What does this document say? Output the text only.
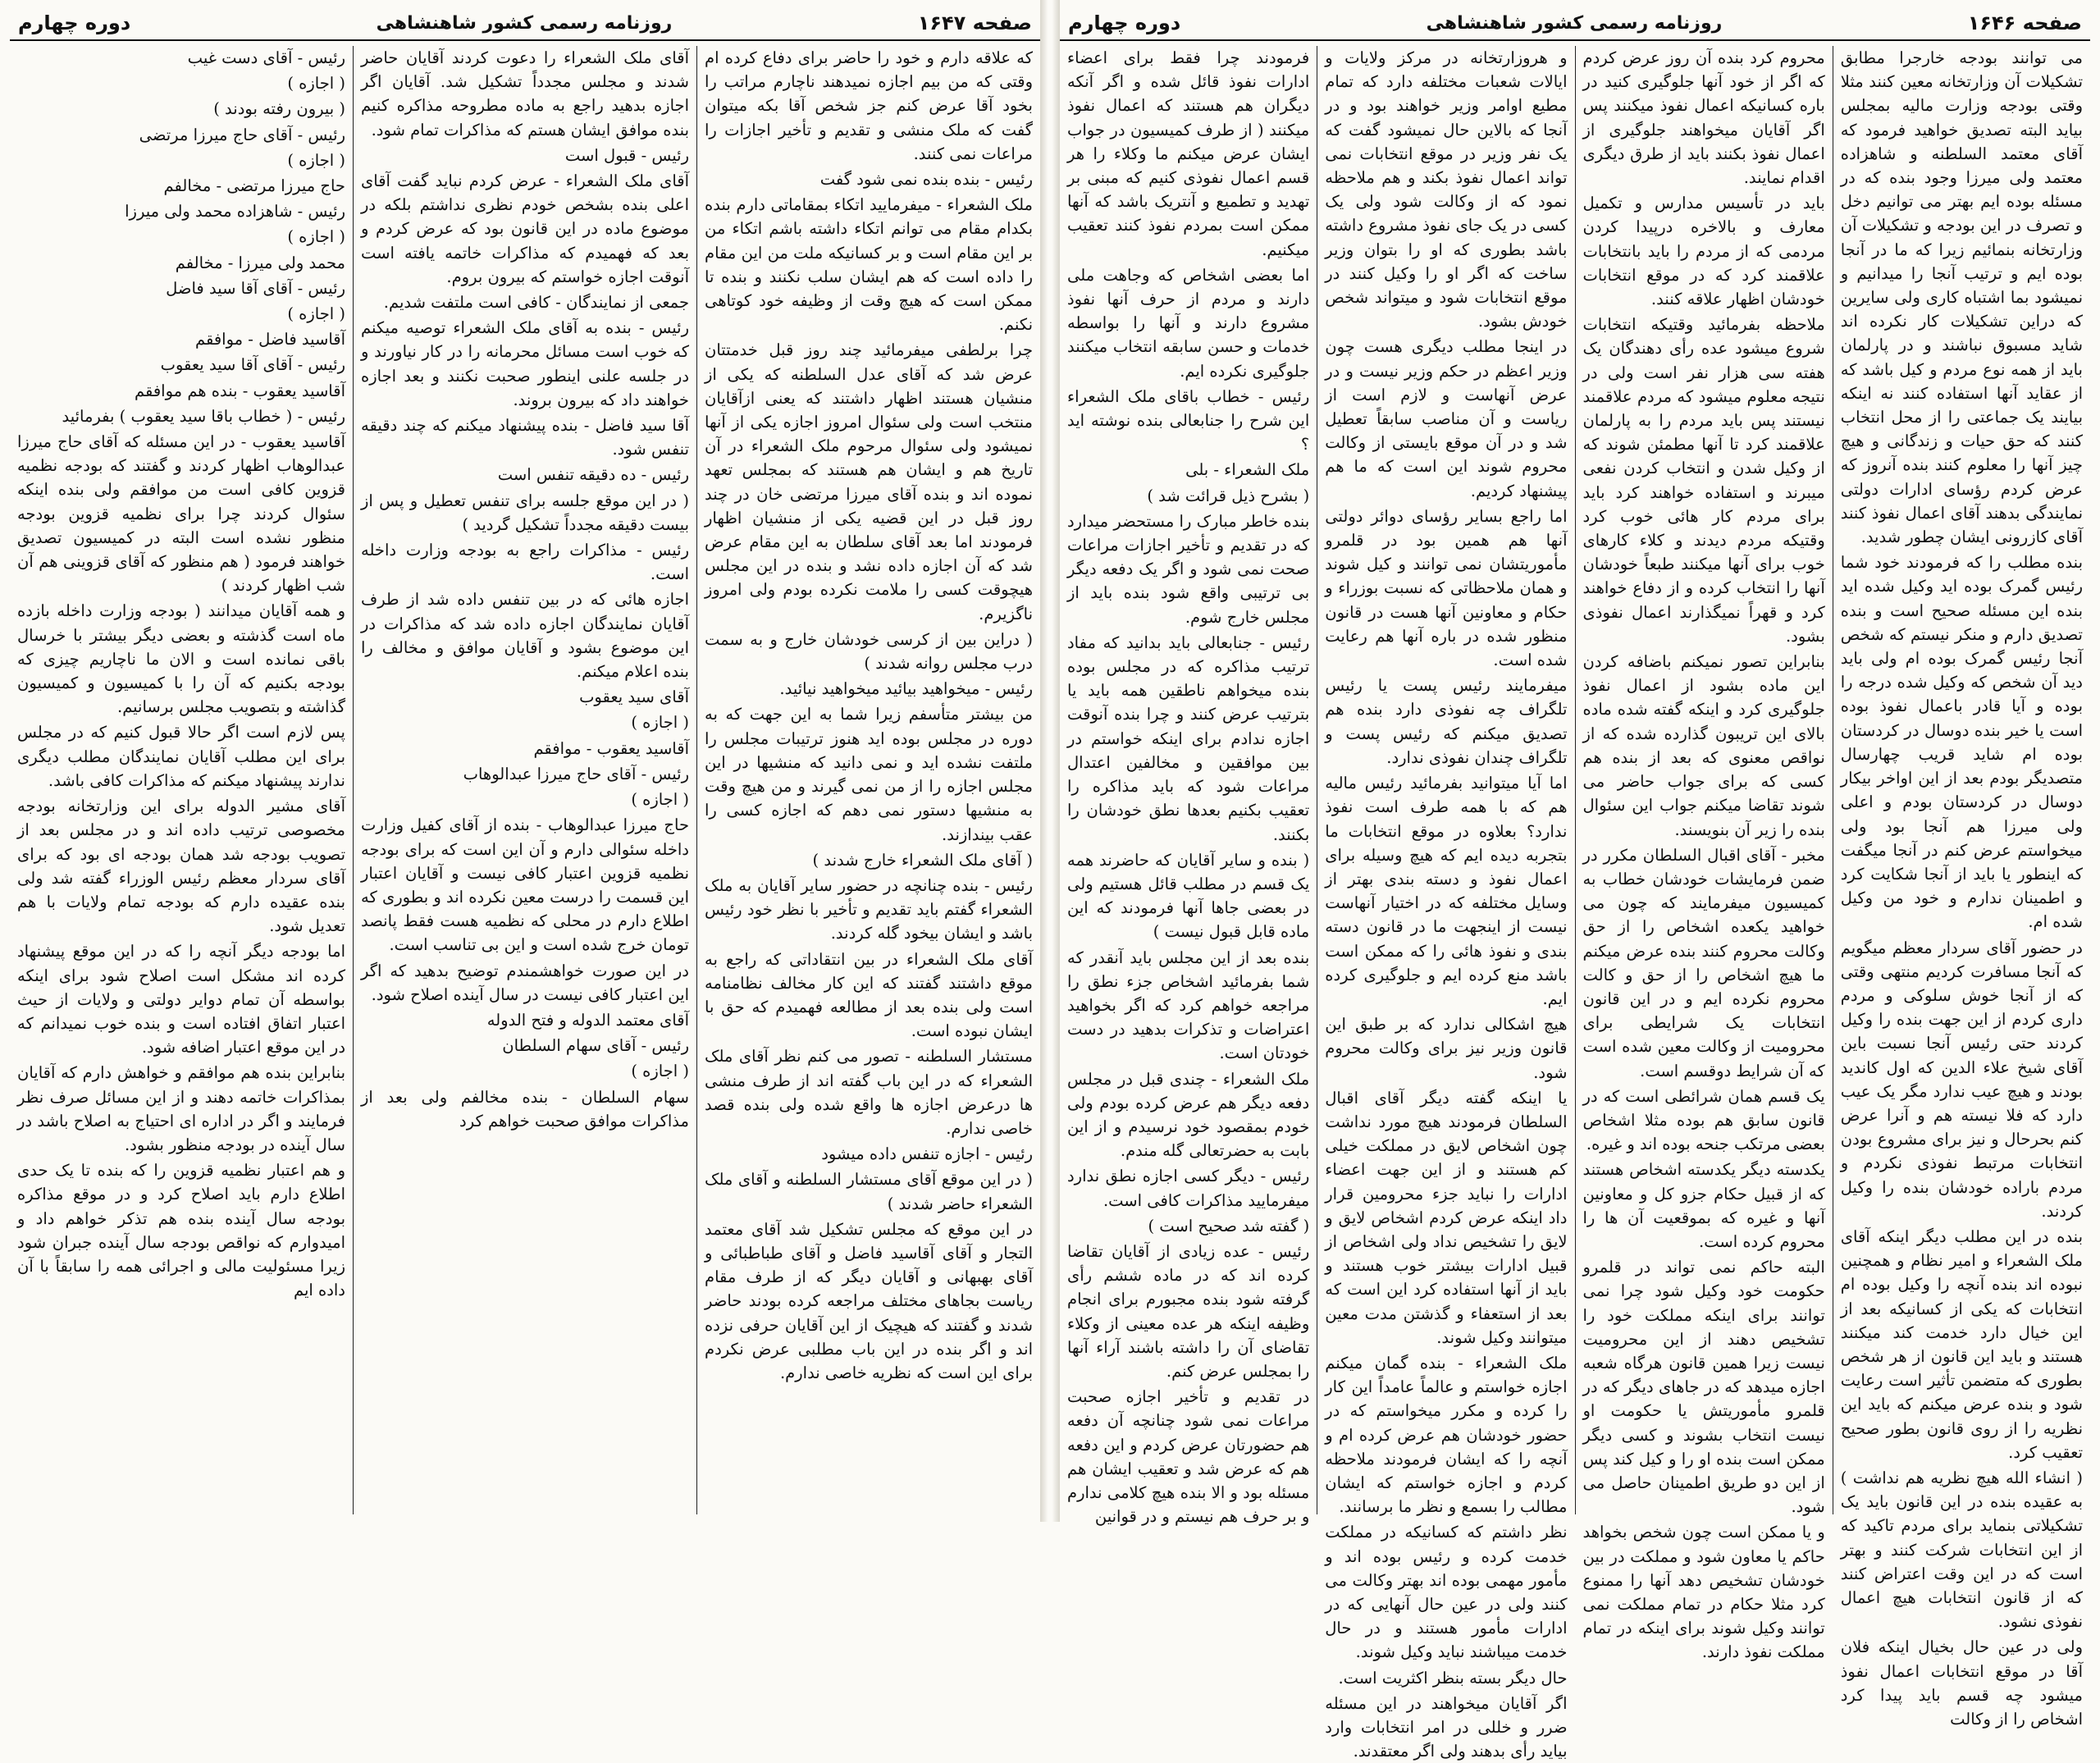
صفحه ۱۶۴۶
روزنامه رسمی کشور شاهنشاهی
دوره چهارم

می توانند بودجه خارجرا مطابق تشکیلات آن وزارتخانه معین کنند مثلا وقتی بودجه وزارت مالیه بمجلس بیاید البته تصدیق خواهید فرمود که آقای معتمد السلطنه و شاهزاده معتمد ولی میرزا وجود بنده که در مسئله بوده ایم بهتر می توانیم دخل و تصرف در این بودجه و تشکیلات آن وزارتخانه بنمائیم زیرا که ما در آنجا بوده ایم و ترتیب آنجا را میدانیم و نمیشود بما اشتباه کاری ولی سایرین که دراین تشکیلات کار نکرده اند شاید مسبوق نباشند و در پارلمان باید از همه نوع مردم و کیل باشد که از عقاید آنها استفاده کنند نه اینکه بیایند یک جماعتی را از محل انتخاب کنند که حق حیات و زندگانی و هیچ چیز آنها را معلوم کنند بنده آنروز که عرض کردم رؤسای ادارات دولتی نمایندگی بدهند آقای اعمال نفوذ کنند آقای کازرونی ایشان چطور شدید.

بنده مطلب را که فرمودند خود شما رئیس گمرک بوده اید وکیل شده اید بنده این مسئله صحیح است و بنده تصدیق دارم و منکر نیستم که شخص آنجا رئیس گمرک بوده ام ولی باید دید آن شخص که وکیل شده درجه را بوده و آیا قادر باعمال نفوذ بوده است یا خیر بنده دوسال در کردستان بوده ام شاید قریب چهارسال متصدیگر بودم بعد از این اواخر بیکار دوسال در کردستان بودم و اعلی ولی میرزا هم آنجا بود ولی میخواستم عرض کنم در آنجا میگفت که اینطور یا باید از آنجا شکایت کرد و اطمینان ندارم و خود من وکیل شده ام.

در حضور آقای سردار معظم میگویم که آنجا مسافرت کردیم منتهی وقتی که از آنجا خوش سلوکی و مردم داری کردم از این جهت بنده را وکیل کردند حتی رئیس آنجا نسبت باین آقای شیخ علاء الدین که اول کاندید بودند و هیچ عیب ندارد مگر یک عیب دارد که فلا نیسته هم و آنرا عرض کنم بحرحال و نیز برای مشروع بودن انتخابات مرتبط نفوذی نکردم و مردم باراده خودشان بنده را وکیل کردند.

بنده در این مطلب دیگر اینکه آقای ملک الشعراء و امیر نظام و همچنین نبوده اند بنده آنچه را وکیل بوده ام انتخابات که یکی از کسانیکه بعد از این خیال دارد خدمت کند میکنند هستند و باید این قانون از هر شخص بطوری که متضمن تأثیر است رعایت شود و بنده عرض میکنم که باید این نظریه را از روی قانون بطور صحیح تعقیب کرد.

( انشاء الله هیچ نظریه هم نداشت ) به عقیده بنده در این قانون باید یک تشکیلاتی بنماید برای مردم تاکید که از این انتخابات شرکت کنند و بهتر است که در این وقت اعتراض کنند که از قانون انتخابات هیچ اعمال نفوذی نشود.

ولی در عین حال بخیال اینکه فلان آقا در موقع انتخابات اعمال نفوذ میشود چه قسم باید پیدا کرد اشخاص را از وکالت

محروم کرد بنده آن روز عرض کردم که اگر از خود آنها جلوگیری کنید در باره کسانیکه اعمال نفوذ میکنند پس اگر آقایان میخواهند جلوگیری از اعمال نفوذ بکنند باید از طرق دیگری اقدام نمایند.

باید در تأسیس مدارس و تکمیل معارف و بالاخره درپیدا کردن مردمی که از مردم را باید بانتخابات علاقمند کرد که در موقع انتخابات خودشان اظهار علاقه کنند.

ملاحظه بفرمائید وقتیکه انتخابات شروع میشود عده رأی دهندگان یک هفته سی هزار نفر است ولی در نتیجه معلوم میشود که مردم علاقمند نیستند پس باید مردم را به پارلمان علاقمند کرد تا آنها مطمئن شوند که از وکیل شدن و انتخاب کردن نفعی میبرند و استفاده خواهند کرد باید برای مردم کار هائی خوب کرد وقتیکه مردم دیدند و کلاء کارهای خوب برای آنها میکنند طبعاً خودشان آنها را انتخاب کرده و از دفاع خواهند کرد و قهراً نمیگذارند اعمال نفوذی بشود.

بنابراین تصور نمیکنم باضافه کردن این ماده بشود از اعمال نفوذ جلوگیری کرد و اینکه گفته شده ماده بالای این تریبون گذارده شده که از نواقص معنوی که بعد از بنده هم کسی که برای جواب حاضر می شوند تقاضا میکنم جواب این سئوال بنده را زیر آن بنویسند.

مخبر - آقای اقبال السلطان مکرر در ضمن فرمایشات خودشان خطاب به کمیسیون میفرمایند که چون می خواهید یکعده اشخاص را از حق وکالت محروم کنند بنده عرض میکنم ما هیچ اشخاص را از حق و کالت محروم نکرده ایم و در این قانون انتخابات یک شرایطی برای محرومیت از وکالت معین شده است که آن شرایط دوقسم است.

یک قسم همان شرائطی است که در قانون سابق هم بوده مثلا اشخاص بعضی مرتکب جنحه بوده اند و غیره.

یکدسته دیگر یکدسته اشخاص هستند که از قبیل حکام جزو کل و معاونین آنها و غیره که بموقعیت آن ها را محروم کرده است.

البته حاکم نمی تواند در قلمرو حکومت خود وکیل شود چرا نمی توانند برای اینکه مملکت خود را تشخیص دهند از این محرومیت نیست زیرا همین قانون هرگاه شعبه اجازه میدهد که در جاهای دیگر که در قلمرو مأموریتش یا حکومت او نیست انتخاب بشوند و کسی دیگر ممکن است بنده او را و کیل کند پس از این دو طریق اطمینان حاصل می شود.

و یا ممکن است چون شخص بخواهد حاکم یا معاون شود و مملکت در بین خودشان تشخیص دهد آنها را ممنوع کرد مثلا حکام در تمام مملکت نمی توانند وکیل شوند برای اینکه در تمام مملکت نفوذ دارند.

و هروزارتخانه در مرکز ولایات و ایالات شعبات مختلفه دارد که تمام مطیع اوامر وزیر خواهند بود و در آنجا که بالاین حال نمیشود گفت که یک نفر وزیر در موقع انتخابات نمی تواند اعمال نفوذ بکند و هم ملاحظه نمود که از وکالت شود ولی یک کسی در یک جای نفوذ مشروع داشته باشد بطوری که او را بتوان وزیر ساخت که اگر او را وکیل کنند در موقع انتخابات شود و میتواند شخص خودش بشود.

در اینجا مطلب دیگری هست چون وزیر اعظم در حکم وزیر نیست و در عرض آنهاست و لازم است از ریاست و آن مناصب سابقاً تعطیل شد و در آن موقع بایستی از وکالت محروم شوند این است که ما هم پیشنهاد کردیم.

اما راجع بسایر رؤسای دوائر دولتی آنها هم همین بود در قلمرو مأموریتشان نمی توانند و کیل شوند و همان ملاحظاتی که نسبت بوزراء و حکام و معاونین آنها هست در قانون منظور شده در باره آنها هم رعایت شده است.

میفرمایند رئیس پست یا رئیس تلگراف چه نفوذی دارد بنده هم تصدیق میکنم که رئیس پست و تلگراف چندان نفوذی ندارد.

اما آیا میتوانید بفرمائید رئیس مالیه هم که با همه طرف است نفوذ ندارد؟ بعلاوه در موقع انتخابات ما بتجربه دیده ایم که هیچ وسیله برای اعمال نفوذ و دسته بندی بهتر از وسایل مختلفه که در اختیار آنهاست نیست از اینجهت ما در قانون دسته بندی و نفوذ هائی را که ممکن است باشد منع کرده ایم و جلوگیری کرده ایم.

هیچ اشکالی ندارد که بر طبق این قانون وزیر نیز برای وکالت محروم شود.

یا اینکه گفته دیگر آقای اقبال السلطان فرمودند هیچ مورد نداشت چون اشخاص لایق در مملکت خیلی کم هستند و از این جهت اعضاء ادارات را نباید جزء محرومین قرار داد اینکه عرض کردم اشخاص لایق و لایق را تشخیص نداد ولی اشخاص از قبیل ادارات بیشتر خوب هستند و باید از آنها استفاده کرد این است که بعد از استعفاء و گذشتن مدت معین میتوانند وکیل شوند.

ملک الشعراء - بنده گمان میکنم اجازه خواستم و عالماً عامداً این کار را کرده و مکرر میخواستم که در حضور خودشان هم عرض کرده ام و آنچه را که ایشان فرمودند ملاحظه کردم و اجازه خواستم که ایشان مطالب را بسمع و نظر ما برسانند.

نظر داشتم که کسانیکه در مملکت خدمت کرده و رئیس بوده اند و مأمور مهمی بوده اند بهتر وکالت می کنند ولی در عین حال آنهایی که در ادارات مأمور هستند و در حال خدمت میباشند نباید وکیل شوند.

حال دیگر بسته بنظر اکثریت است.

اگر آقایان میخواهند در این مسئله ضرر و خللی در امر انتخابات وارد بیاید رأی بدهند ولی اگر معتقدند.

فرمودند چرا فقط برای اعضاء ادارات نفوذ قائل شده و اگر آنکه دیگران هم هستند که اعمال نفوذ میکنند ( از طرف کمیسیون در جواب ایشان عرض میکنم ما وکلاء را هر قسم اعمال نفوذی کنیم که مبنی بر تهدید و تطمیع و آنتریک باشد که آنها ممکن است بمردم نفوذ کنند تعقیب میکنیم.

اما بعضی اشخاص که وجاهت ملی دارند و مردم از حرف آنها نفوذ مشروع دارند و آنها را بواسطه خدمات و حسن سابقه انتخاب میکنند جلوگیری نکرده ایم.

رئیس - خطاب باقای ملک الشعراء این شرح را جنابعالی بنده نوشته اید ؟

ملک الشعراء - بلی

( بشرح ذیل قرائت شد )

بنده خاطر مبارک را مستحضر میدارد که در تقدیم و تأخیر اجازات مراعات صحت نمی شود و اگر یک دفعه دیگر بی ترتیبی واقع شود بنده باید از مجلس خارج شوم.

رئیس - جنابعالی باید بدانید که مفاد ترتیب مذاکره که در مجلس بوده بنده میخواهم ناطقین همه باید یا بترتیب عرض کنند و چرا بنده آنوقت اجازه ندادم برای اینکه خواستم در بین موافقین و مخالفین اعتدال مراعات شود که باید مذاکره را تعقیب بکنیم بعدها نطق خودشان را بکنند.

( بنده و سایر آقایان که حاضرند همه یک قسم در مطلب قائل هستیم ولی در بعضی جاها آنها فرمودند که این ماده قابل قبول نیست )

بنده بعد از این مجلس باید آنقدر که شما بفرمائید اشخاص جزء نطق را مراجعه خواهم کرد که اگر بخواهید اعتراضات و تذکرات بدهید در دست خودتان است.

ملک الشعراء - چندی قبل در مجلس دفعه دیگر هم عرض کرده بودم ولی خودم بمقصود خود نرسیدم و از این بابت به حضرتعالی گله مندم.

رئیس - دیگر کسی اجازه نطق ندارد میفرمایید مذاکرات کافی است.

( گفته شد صحیح است )

رئیس - عده زیادی از آقایان تقاضا کرده اند که در ماده ششم رأی گرفته شود بنده مجبورم برای انجام وظیفه اینکه هر عده معینی از وکلاء تقاضای آن را داشته باشند آراء آنها را بمجلس عرض کنم.

در تقدیم و تأخیر اجازه صحبت مراعات نمی شود چنانچه آن دفعه هم حضورتان عرض کردم و این دفعه هم که عرض شد و تعقیب ایشان هم مسئله بود و الا بنده هیچ کلامی ندارم و بر حرف هم نیستم و در قوانین

صفحه ۱۶۴۷
روزنامه رسمی کشور شاهنشاهی
دوره چهارم

که علاقه دارم و خود را حاضر برای دفاع کرده ام وقتی که من بیم اجازه نمیدهند ناچارم مراتب را بخود آقا عرض کنم جز شخص آقا بکه میتوان گفت که ملک منشی و تقدیم و تأخیر اجازات را مراعات نمی کنند.

رئیس - بنده بنده نمی شود گفت

ملک الشعراء - میفرمایید اتکاء بمقاماتی دارم بنده بکدام مقام می توانم اتکاء داشته باشم اتکاء من بر این مقام است و بر کسانیکه ملت من این مقام را داده است که هم ایشان سلب نکنند و بنده تا ممکن است که هیچ وقت از وظیفه خود کوتاهی نکنم.

چرا برلطفی میفرمائید چند روز قبل خدمتتان عرض شد که آقای عدل السلطنه که یکی از منشیان هستند اظهار داشتند که یعنی ازآقایان منتخب است ولی سئوال امروز اجازه یکی از آنها نمیشود ولی سئوال مرحوم ملک الشعراء در آن تاریخ هم و ایشان هم هستند که بمجلس تعهد نموده اند و بنده آقای میرزا مرتضی خان در چند روز قبل در این قضیه یکی از منشیان اظهار فرمودند اما بعد آقای سلطان به این مقام عرض شد که آن اجازه داده نشد و بنده در این مجلس هیچوقت کسی را ملامت نکرده بودم ولی امروز ناگزیرم.

( دراین بین از کرسی خودشان خارج و به سمت درب مجلس روانه شدند )

رئیس - میخواهید بیائید میخواهید نیائید.

من بیشتر متأسفم زیرا شما به این جهت که به دوره در مجلس بوده اید هنوز ترتیبات مجلس را ملتفت نشده اید و نمی دانید که منشیها در این مجلس اجازه را از من نمی گیرند و من هیچ وقت به منشیها دستور نمی دهم که اجازه کسی را عقب بیندازند.

( آقای ملک الشعراء خارج شدند )

رئیس - بنده چنانچه در حضور سایر آقایان به ملک الشعراء گفتم باید تقدیم و تأخیر با نظر خود رئیس باشد و ایشان بیخود گله کردند.

آقای ملک الشعراء در بین انتقاداتی که راجع به موقع داشتند گفتند که این کار مخالف نظامنامه است ولی بنده بعد از مطالعه فهمیدم که حق با ایشان نبوده است.

مستشار السلطنه - تصور می کنم نظر آقای ملک الشعراء که در این باب گفته اند از طرف منشی ها درعرض اجازه ها واقع شده ولی بنده قصد خاصی ندارم.

رئیس - اجازه تنفس داده میشود

( در این موقع آقای مستشار السلطنه و آقای ملک الشعراء حاضر شدند )

در این موقع که مجلس تشکیل شد آقای معتمد التجار و آقای آقاسید فاضل و آقای طباطبائی و آقای بهبهانی و آقایان دیگر که از طرف مقام ریاست بجاهای مختلف مراجعه کرده بودند حاضر شدند و گفتند که هیچیک از این آقایان حرفی نزده اند و اگر بنده در این باب مطلبی عرض نکردم برای این است که نظریه خاصی ندارم.

آقای ملک الشعراء را دعوت کردند آقایان حاضر شدند و مجلس مجدداً تشکیل شد. آقایان اگر اجازه بدهید راجع به ماده مطروحه مذاکره کنیم بنده موافق ایشان هستم که مذاکرات تمام شود.

رئیس - قبول است

آقای ملک الشعراء - عرض کردم نباید گفت آقای اعلی بنده بشخص خودم نظری نداشتم بلکه در موضوع ماده در این قانون بود که عرض کردم و بعد که فهمیدم که مذاکرات خاتمه یافته است آنوقت اجازه خواستم که بیرون بروم.

جمعی از نمایندگان - کافی است ملتفت شدیم.

رئیس - بنده به آقای ملک الشعراء توصیه میکنم که خوب است مسائل محرمانه را در کار نیاورند و در جلسه علنی اینطور صحبت نکنند و بعد اجازه خواهند داد که بیرون بروند.

آقا سید فاضل - بنده پیشنهاد میکنم که چند دقیقه تنفس شود.

رئیس - ده دقیقه تنفس است

( در این موقع جلسه برای تنفس تعطیل و پس از بیست دقیقه مجدداً تشکیل گردید )

رئیس - مذاکرات راجع به بودجه وزارت داخله است.

اجازه هائی که در بین تنفس داده شد از طرف آقایان نمایندگان اجازه داده شد که مذاکرات در این موضوع بشود و آقایان موافق و مخالف را بنده اعلام میکنم.

آقای سید یعقوب

( اجازه )

آقاسید یعقوب - موافقم

رئیس - آقای حاج میرزا عبدالوهاب

( اجازه )

حاج میرزا عبدالوهاب - بنده از آقای کفیل وزارت داخله سئوالی دارم و آن این است که برای بودجه نظمیه قزوین اعتبار کافی نیست و آقایان اعتبار این قسمت را درست معین نکرده اند و بطوری که اطلاع دارم در محلی که نظمیه هست فقط پانصد تومان خرج شده است و این بی تناسب است.

در این صورت خواهشمندم توضیح بدهید که اگر این اعتبار کافی نیست در سال آینده اصلاح شود.

آقای معتمد الدوله و فتح الدوله

رئیس - آقای سهام السلطان

( اجازه )

سهام السلطان - بنده مخالفم ولی بعد از مذاکرات موافق صحبت خواهم کرد

رئیس - آقای دست غیب

( اجازه )

( بیرون رفته بودند )

رئیس - آقای حاج میرزا مرتضی

( اجازه )

حاج میرزا مرتضی - مخالفم

رئیس - شاهزاده محمد ولی میرزا

( اجازه )

محمد ولی میرزا - مخالفم

رئیس - آقای آقا سید فاضل

( اجازه )

آقاسید فاضل - موافقم

رئیس - آقای آقا سید یعقوب

آقاسید یعقوب - بنده هم موافقم

رئیس - ( خطاب باقا سید یعقوب ) بفرمائید

آقاسید یعقوب - در این مسئله که آقای حاج میرزا عبدالوهاب اظهار کردند و گفتند که بودجه نظمیه قزوین کافی است من موافقم ولی بنده اینکه سئوال کردند چرا برای نظمیه قزوین بودجه منظور نشده است البته در کمیسیون تصدیق خواهند فرمود ( هم منظور که آقای قزوینی هم آن شب اظهار کردند )

و همه آقایان میدانند ( بودجه وزارت داخله بازده ماه است گذشته و بعضی دیگر بیشتر با خرسال باقی نمانده است و الان ما ناچاریم چیزی که بودجه بکنیم که آن را با کمیسیون و کمیسیون گذاشته و بتصویب مجلس برسانیم.

پس لازم است اگر حالا قبول کنیم که در مجلس برای این مطلب آقایان نمایندگان مطلب دیگری ندارند پیشنهاد میکنم که مذاکرات کافی باشد.

آقای مشیر الدوله برای این وزارتخانه بودجه مخصوصی ترتیب داده اند و در مجلس بعد از تصویب بودجه شد همان بودجه ای بود که برای آقای سردار معظم رئیس الوزراء گفته شد ولی بنده عقیده دارم که بودجه تمام ولایات با هم تعدیل شود.

اما بودجه دیگر آنچه را که در این موقع پیشنهاد کرده اند مشکل است اصلاح شود برای اینکه بواسطه آن تمام دوایر دولتی و ولایات از حیث اعتبار اتفاق افتاده است و بنده خوب نمیدانم که در این موقع اعتبار اضافه شود.

بنابراین بنده هم موافقم و خواهش دارم که آقایان بمذاکرات خاتمه دهند و از این مسائل صرف نظر فرمایند و اگر در اداره ای احتیاج به اصلاح باشد در سال آینده در بودجه منظور بشود.

و هم اعتبار نظمیه قزوین را که بنده تا یک حدی اطلاع دارم باید اصلاح کرد و در موقع مذاکره بودجه سال آینده بنده هم تذکر خواهم داد و امیدوارم که نواقص بودجه سال آینده جبران شود زیرا مسئولیت مالی و اجرائی همه را سابقاً با آن داده ایم
